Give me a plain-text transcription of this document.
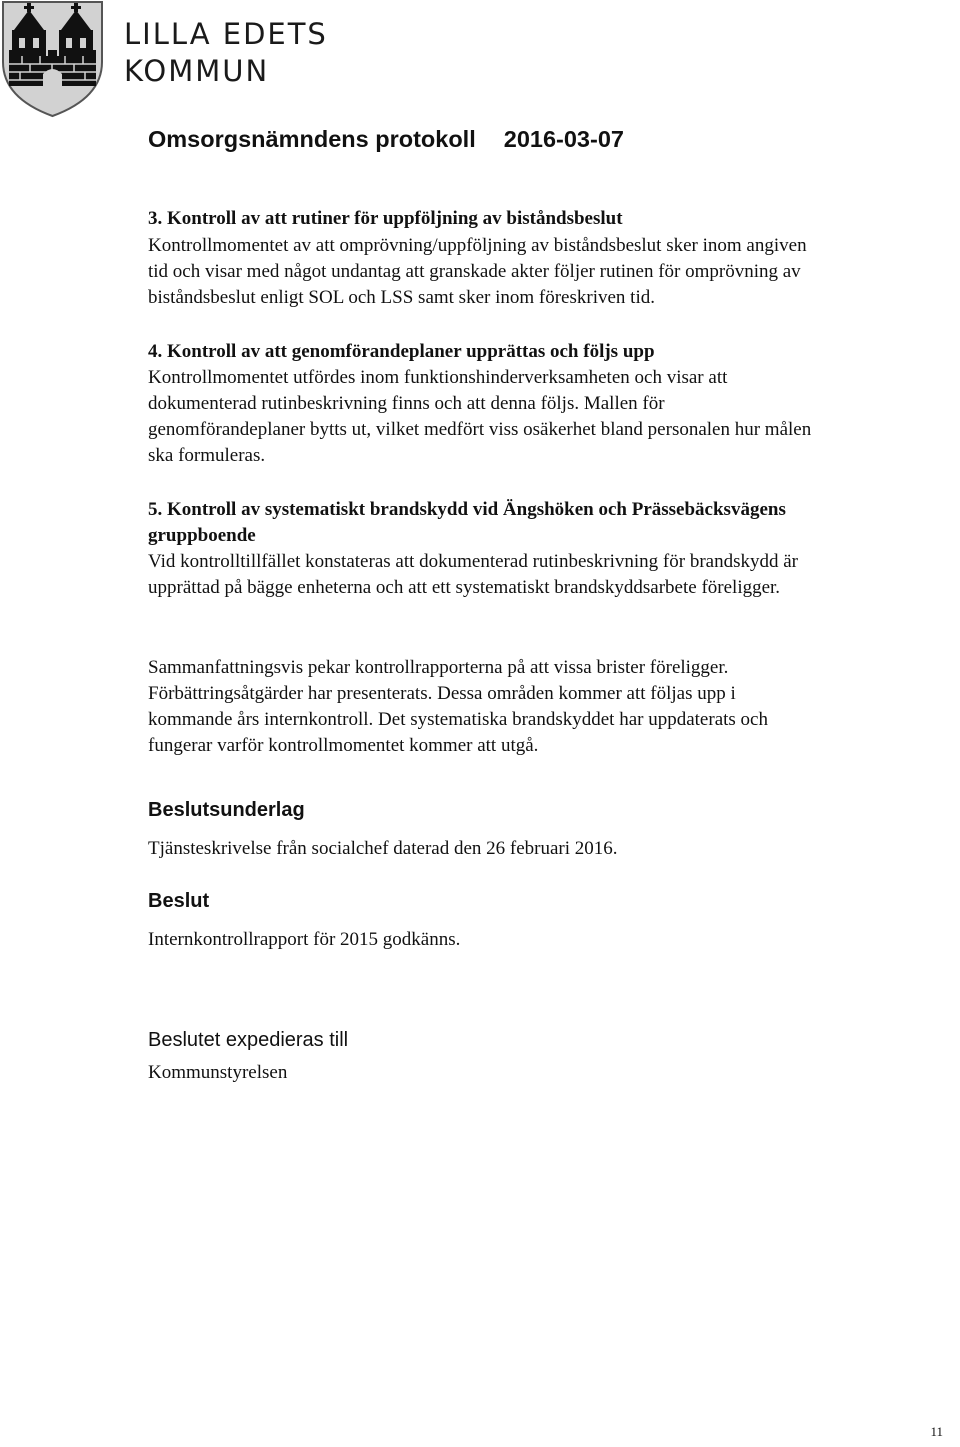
LILLA EDETS
KOMMUN
Omsorgsnämndens protokoll 2016-03-07
3. Kontroll av att rutiner för uppföljning av biståndsbeslut
Kontrollmomentet av att omprövning/uppföljning av biståndsbeslut sker inom angiven
tid och visar med något undantag att granskade akter följer rutinen för omprövning av
biståndsbeslut enligt SOL och LSS samt sker inom föreskriven tid.
4. Kontroll av att genomförandeplaner upprättas och följs upp
Kontrollmomentet utfördes inom funktionshinderverksamheten och visar att
dokumenterad rutinbeskrivning finns och att denna följs. Mallen för
genomförandeplaner bytts ut, vilket medfört viss osäkerhet bland personalen hur målen
ska formuleras.
5. Kontroll av systematiskt brandskydd vid Ängshöken och Prässebäcksvägens
gruppboende
Vid kontrolltillfället konstateras att dokumenterad rutinbeskrivning för brandskydd är
upprättad på bägge enheterna och att ett systematiskt brandskyddsarbete föreligger.
Sammanfattningsvis pekar kontrollrapporterna på att vissa brister föreligger.
Förbättringsåtgärder har presenterats. Dessa områden kommer att följas upp i
kommande års internkontroll. Det systematiska brandskyddet har uppdaterats och
fungerar varför kontrollmomentet kommer att utgå.
Beslutsunderlag
Tjänsteskrivelse från socialchef daterad den 26 februari 2016.
Beslut
Internkontrollrapport för 2015 godkänns.
Beslutet expedieras till
Kommunstyrelsen
11
